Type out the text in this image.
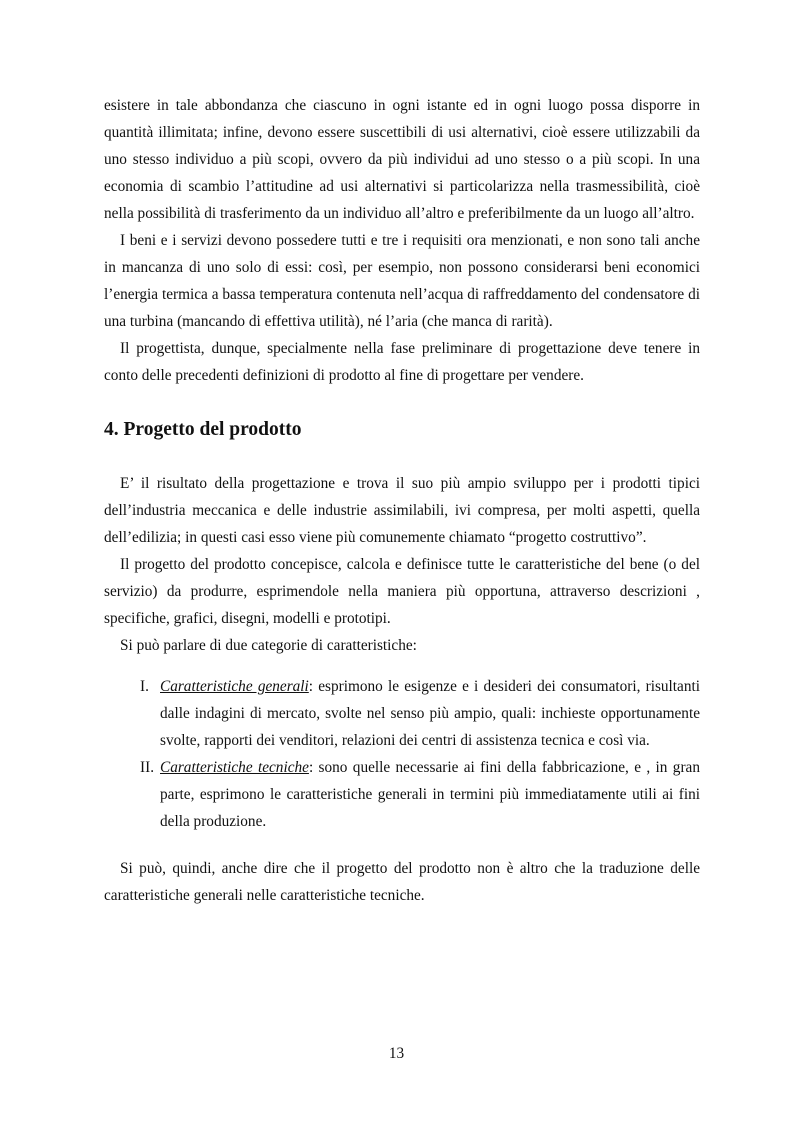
esistere in tale abbondanza che ciascuno in ogni istante ed in ogni luogo possa disporre in quantità illimitata; infine, devono essere suscettibili di usi alternativi, cioè essere utilizzabili da uno stesso individuo a più scopi, ovvero da più individui ad uno stesso o a più scopi. In una economia di scambio l’attitudine ad usi alternativi si particolarizza nella trasmessibilità, cioè nella possibilità di trasferimento da un individuo all’altro e preferibilmente da un luogo all’altro.

I beni e i servizi devono possedere tutti e tre i requisiti ora menzionati, e non sono tali anche in mancanza di uno solo di essi: così, per esempio, non possono considerarsi beni economici l’energia termica a bassa temperatura contenuta nell’acqua di raffreddamento del condensatore di una turbina (mancando di effettiva utilità), né l’aria (che manca di rarità).

Il progettista, dunque, specialmente nella fase preliminare di progettazione deve tenere in conto delle precedenti definizioni di prodotto al fine di progettare per vendere.

4. Progetto del prodotto

E’ il risultato della progettazione e trova il suo più ampio sviluppo per i prodotti tipici dell’industria meccanica e delle industrie assimilabili, ivi compresa, per molti aspetti, quella dell’edilizia; in questi casi esso viene più comunemente chiamato “progetto costruttivo”.

Il progetto del prodotto concepisce, calcola e definisce tutte le caratteristiche del bene (o del servizio) da produrre, esprimendole nella maniera più opportuna, attraverso descrizioni , specifiche, grafici, disegni, modelli e prototipi.

Si può parlare di due categorie di caratteristiche:

I. Caratteristiche generali: esprimono le esigenze e i desideri dei consumatori, risultanti dalle indagini di mercato, svolte nel senso più ampio, quali: inchieste opportunamente svolte, rapporti dei venditori, relazioni dei centri di assistenza tecnica e così via.
II. Caratteristiche tecniche: sono quelle necessarie ai fini della fabbricazione, e , in gran parte, esprimono le caratteristiche generali in termini più immediatamente utili ai fini della produzione.

Si può, quindi, anche dire che il progetto del prodotto non è altro che la traduzione delle caratteristiche generali nelle caratteristiche tecniche.

13
